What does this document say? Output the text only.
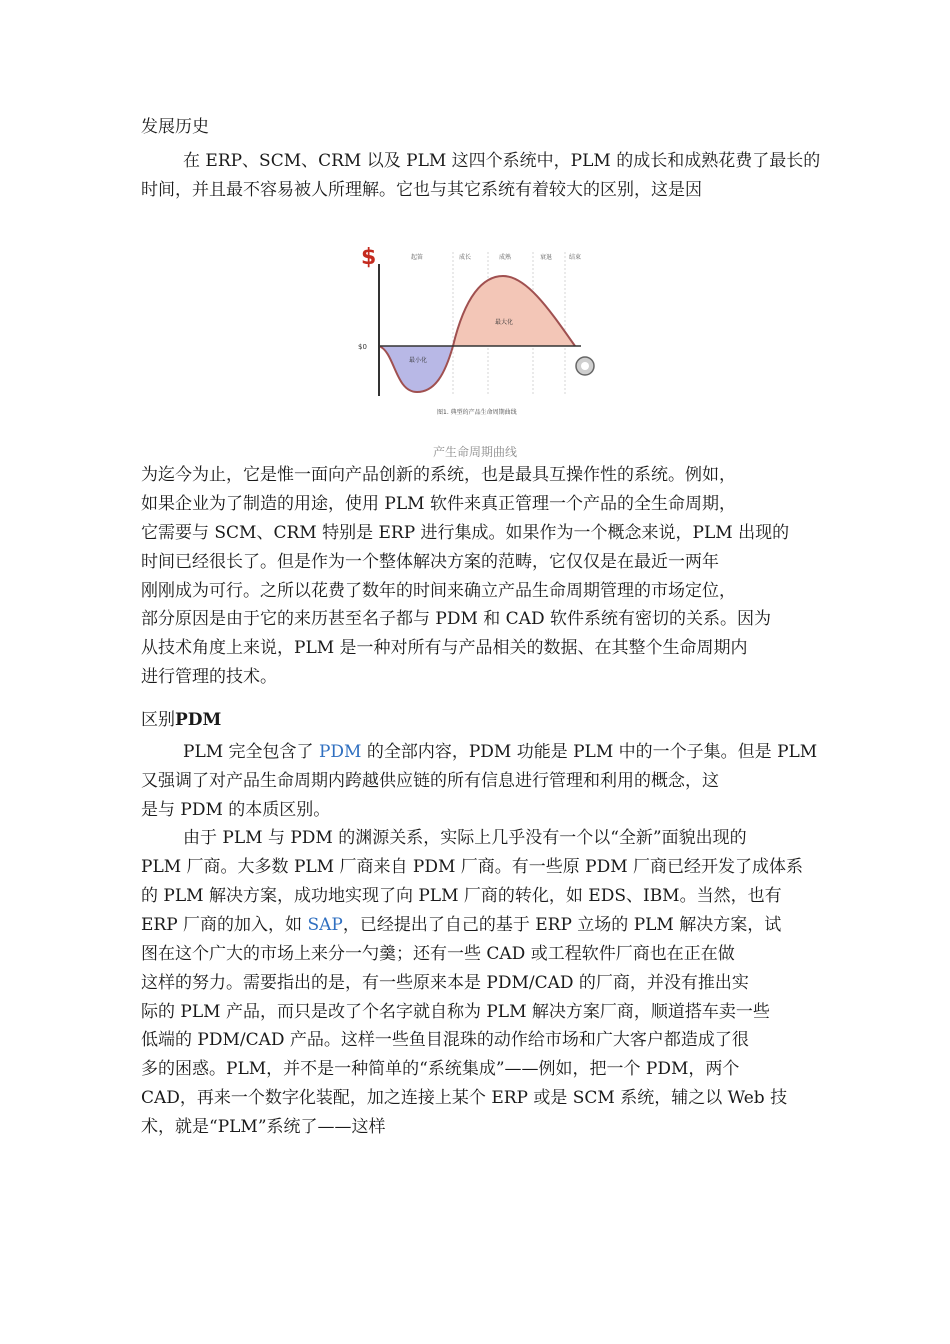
发展历史
在 ERP、SCM、CRM 以及 PLM 这四个系统中，PLM 的成长和成熟花费了最长的
时间，并且最不容易被人所理解。它也与其它系统有着较大的区别，这是因
$
$0
起笛	成长	成熟	衰退	结束
最大化
最小化
图1. 典型的产品生命周期曲线
产生命周期曲线
为迄今为止，它是惟一面向产品创新的系统，也是最具互操作性的系统。例如，
如果企业为了制造的用途，使用 PLM 软件来真正管理一个产品的全生命周期，
它需要与 SCM、CRM 特别是 ERP 进行集成。如果作为一个概念来说，PLM 出现的
时间已经很长了。但是作为一个整体解决方案的范畴，它仅仅是在最近一两年
刚刚成为可行。之所以花费了数年的时间来确立产品生命周期管理的市场定位，
部分原因是由于它的来历甚至名子都与 PDM 和 CAD 软件系统有密切的关系。因为
从技术角度上来说，PLM 是一种对所有与产品相关的数据、在其整个生命周期内
进行管理的技术。
区别PDM
PLM 完全包含了 PDM 的全部内容，PDM 功能是 PLM 中的一个子集。但是 PLM
又强调了对产品生命周期内跨越供应链的所有信息进行管理和利用的概念，这
是与 PDM 的本质区别。
由于 PLM 与 PDM 的渊源关系，实际上几乎没有一个以“全新”面貌出现的
PLM 厂商。大多数 PLM 厂商来自 PDM 厂商。有一些原 PDM 厂商已经开发了成体系
的 PLM 解决方案，成功地实现了向 PLM 厂商的转化，如 EDS、IBM。当然，也有
ERP 厂商的加入，如 SAP，已经提出了自己的基于 ERP 立场的 PLM 解决方案，试
图在这个广大的市场上来分一勺羹；还有一些 CAD 或工程软件厂商也在正在做
这样的努力。需要指出的是，有一些原来本是 PDM/CAD 的厂商，并没有推出实
际的 PLM 产品，而只是改了个名字就自称为 PLM 解决方案厂商，顺道搭车卖一些
低端的 PDM/CAD 产品。这样一些鱼目混珠的动作给市场和广大客户都造成了很
多的困惑。PLM，并不是一种简单的“系统集成”——例如，把一个 PDM，两个
CAD，再来一个数字化装配，加之连接上某个 ERP 或是 SCM 系统，辅之以 Web 技
术，就是“PLM”系统了——这样
